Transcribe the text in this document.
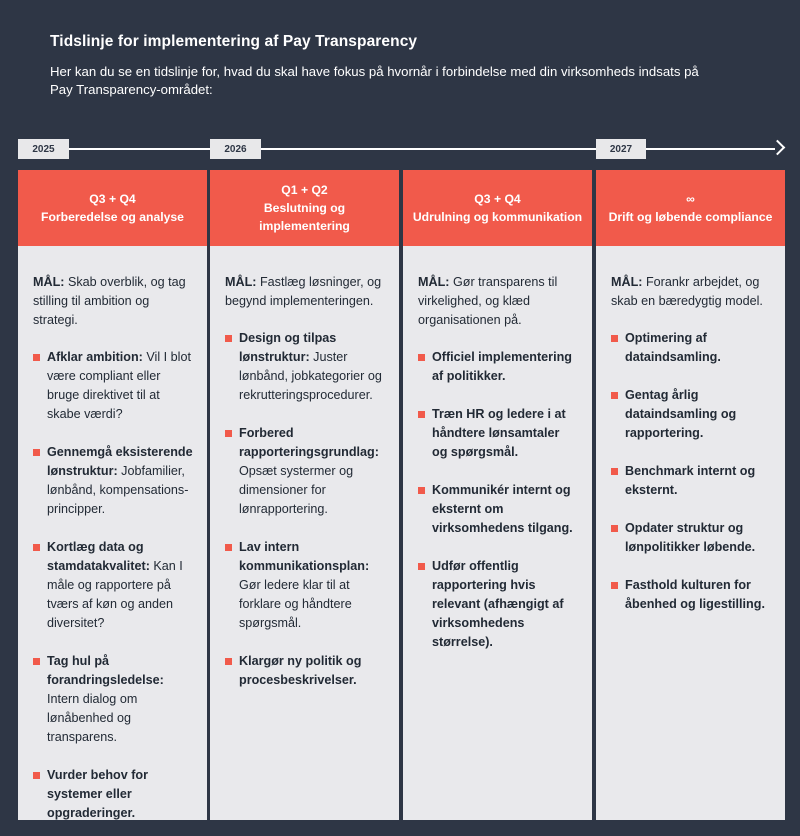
Tidslinje for implementering af Pay Transparency
Her kan du se en tidslinje for, hvad du skal have fokus på hvornår i forbindelse med din virksomheds indsats på Pay Transparency-området:
2025	2026	2027
Q3 + Q4
Forberedelse og analyse
MÅL: Skab overblik, og tag stilling til ambition og strategi.
Afklar ambition: Vil I blot være compliant eller bruge direktivet til at skabe værdi?
Gennemgå eksisterende lønstruktur: Jobfamilier, lønbånd, kompensations-principper.
Kortlæg data og stamdatakvalitet: Kan I måle og rapportere på tværs af køn og anden diversitet?
Tag hul på forandringsledelse: Intern dialog om lønåbenhed og transparens.
Vurder behov for systemer eller opgraderinger.
Q1 + Q2
Beslutning og implementering
MÅL: Fastlæg løsninger, og begynd implementeringen.
Design og tilpas lønstruktur: Juster lønbånd, jobkategorier og rekrutteringsprocedurer.
Forbered rapporteringsgrundlag: Opsæt systermer og dimensioner for lønrapportering.
Lav intern kommunikationsplan: Gør ledere klar til at forklare og håndtere spørgsmål.
Klargør ny politik og procesbeskrivelser.
Q3 + Q4
Udrulning og kommunikation
MÅL: Gør transparens til virkelighed, og klæd organisationen på.
Officiel implementering af politikker.
Træn HR og ledere i at håndtere lønsamtaler og spørgsmål.
Kommunikér internt og eksternt om virksomhedens tilgang.
Udfør offentlig rapportering hvis relevant (afhængigt af virksomhedens størrelse).
∞
Drift og løbende compliance
MÅL: Forankr arbejdet, og skab en bæredygtig model.
Optimering af dataindsamling.
Gentag årlig dataindsamling og rapportering.
Benchmark internt og eksternt.
Opdater struktur og lønpolitikker løbende.
Fasthold kulturen for åbenhed og ligestilling.
